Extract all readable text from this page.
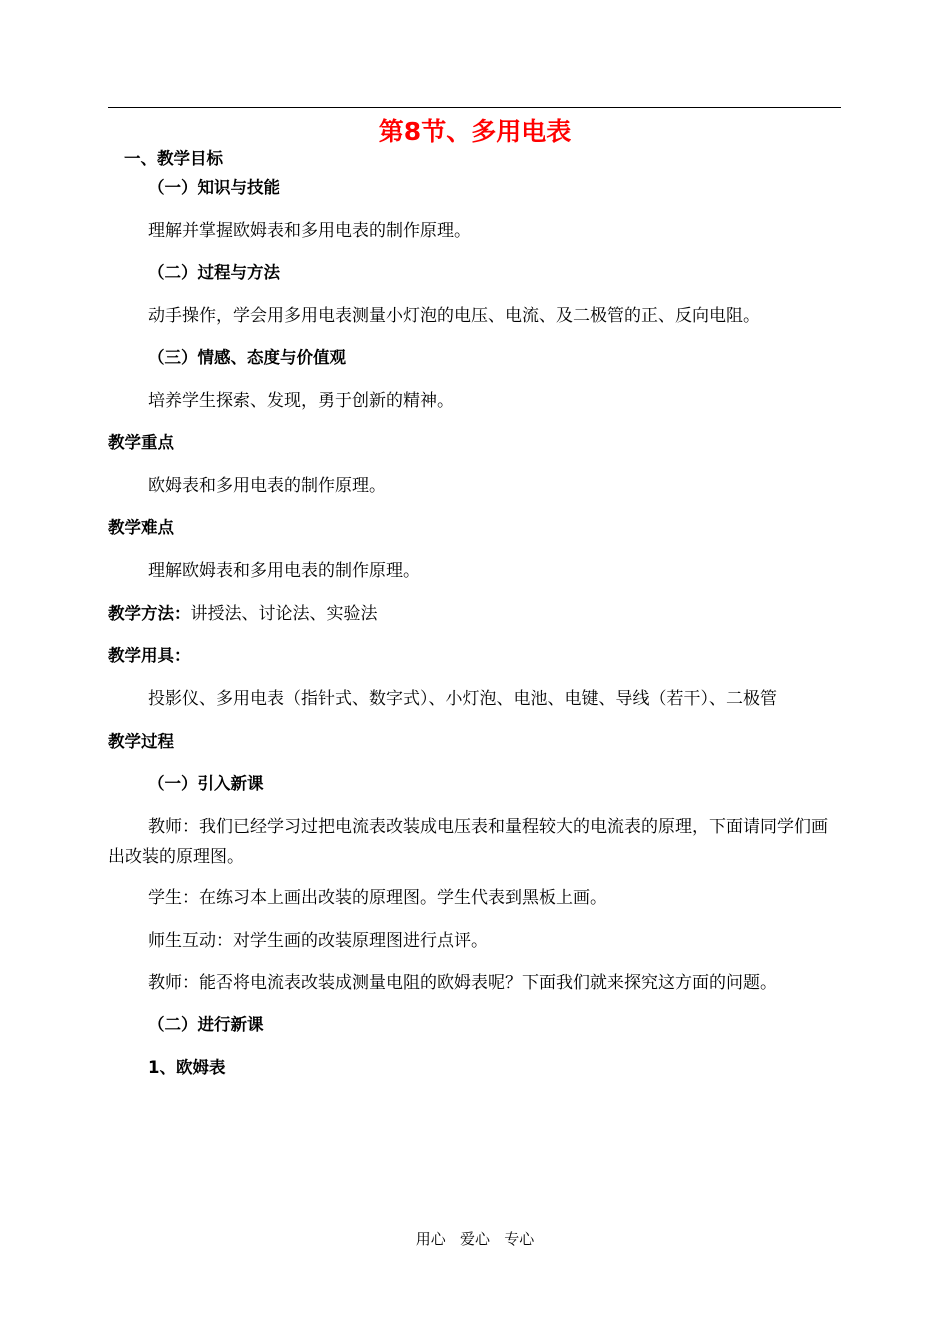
第8节、多用电表
一、教学目标
（一）知识与技能
理解并掌握欧姆表和多用电表的制作原理。
（二）过程与方法
动手操作，学会用多用电表测量小灯泡的电压、电流、及二极管的正、反向电阻。
（三）情感、态度与价值观
培养学生探索、发现，勇于创新的精神。
教学重点
欧姆表和多用电表的制作原理。
教学难点
理解欧姆表和多用电表的制作原理。
教学方法：讲授法、讨论法、实验法
教学用具：
投影仪、多用电表（指针式、数字式）、小灯泡、电池、电键、导线（若干）、二极管
教学过程
（一）引入新课
教师：我们已经学习过把电流表改装成电压表和量程较大的电流表的原理，下面请同学们画出改装的原理图。
学生：在练习本上画出改装的原理图。学生代表到黑板上画。
师生互动：对学生画的改装原理图进行点评。
教师：能否将电流表改装成测量电阻的欧姆表呢？下面我们就来探究这方面的问题。
（二）进行新课
1、欧姆表
用心   爱心   专心
